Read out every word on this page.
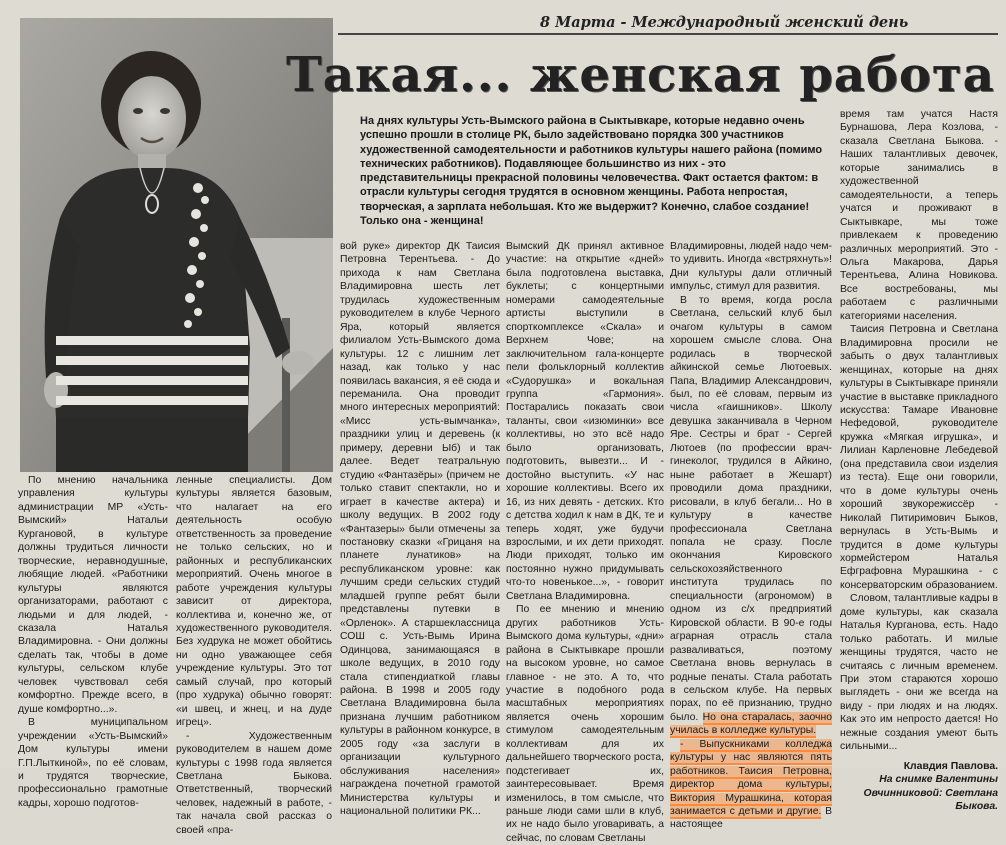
8 Марта - Международный женский день
Такая... женская работа

На днях культуры Усть-Вымского района в Сыктывкаре, которые недавно очень успешно прошли в столице РК, было задействовано порядка 300 участников художественной самодеятельности и работников культуры нашего района (помимо технических работников). Подавляющее большинство из них - это представительницы прекрасной половины человечества. Факт остается фактом: в отрасли культуры сегодня трудятся в основном женщины. Работа непростая, творческая, а зарплата небольшая. Кто же выдержит? Конечно, слабое создание! Только она - женщина!

По мнению начальника управления культуры администрации МР «Усть-Вымский» Натальи Кургановой, в культуре должны трудиться личности творческие, неравнодушные, любящие людей. «Работники культуры являются организаторами, работают с людьми и для людей, - сказала Наталья Владимировна. - Они должны сделать так, чтобы в доме культуры, сельском клубе человек чувствовал себя комфортно. Прежде всего, в душе комфортно...».

В муниципальном учреждении «Усть-Вымский» Дом культуры имени Г.П.Лыткиной», по её словам, и трудятся творческие, профессионально грамотные кадры, хорошо подготов-

ленные специалисты. Дом культуры является базовым, что налагает на его деятельность особую ответственность за проведение не только сельских, но и районных и республиканских мероприятий. Очень многое в работе учреждения культуры зависит от директора, коллектива и, конечно же, от художественного руководителя. Без худрука не может обойтись ни одно уважающее себя учреждение культуры. Это тот самый случай, про который (про худрука) обычно говорят: «и швец, и жнец, и на дуде игрец».

- Художественным руководителем в нашем доме культуры с 1998 года является Светлана Быкова. Ответственный, творческий человек, надежный в работе, - так начала свой рассказ о своей «пра-

вой руке» директор ДК Таисия Петровна Терентьева. - До прихода к нам Светлана Владимировна шесть лет трудилась художественным руководителем в клубе Черного Яра, который является филиалом Усть-Вымского дома культуры. 12 с лишним лет назад, как только у нас появилась вакансия, я её сюда и переманила. Она проводит много интересных мероприятий: «Мисс усть-вымчанка», праздники улиц и деревень (к примеру, деревни Ыб) и так далее. Ведет театральную студию «Фантазёры» (причем не только ставит спектакли, но и играет в качестве актера) и школу ведущих. В 2002 году «Фантазеры» были отмечены за постановку сказки «Грицаня на планете лунатиков» на республиканском уровне: как лучшим среди сельских студий младшей группе ребят были представлены путевки в «Орленок». А старшеклассница СОШ с. Усть-Вымь Ирина Одинцова, занимающаяся в школе ведущих, в 2010 году стала стипендиаткой главы района. В 1998 и 2005 году Светлана Владимировна была признана лучшим работником культуры в районном конкурсе, в 2005 году «за заслуги в организации культурного обслуживания населения» награждена почетной грамотой Министерства культуры и национальной политики РК...

Вымский ДК принял активное участие: на открытие «дней» была подготовлена выставка, буклеты; с концертными номерами самодеятельные артисты выступили в спорткомплексе «Скала» и Верхнем Чове; на заключительном гала-концерте пели фольклорный коллектив «Судорушка» и вокальная группа «Гармония». Постарались показать свои таланты, свои «изюминки» все коллективы, но это всё надо было организовать, подготовить, вывезти... И - достойно выступить. «У нас хорошие коллективы. Всего их 16, из них девять - детских. Кто с детства ходил к нам в ДК, те и теперь ходят, уже будучи взрослыми, и их дети приходят. Люди приходят, только им постоянно нужно придумывать что-то новенькое...», - говорит Светлана Владимировна.

По ее мнению и мнению других работников Усть-Вымского дома культуры, «дни» района в Сыктывкаре прошли на высоком уровне, но самое главное - не это. А то, что участие в подобного рода масштабных мероприятиях является очень хорошим стимулом самодеятельным коллективам для их дальнейшего творческого роста, подстегивает их, заинтересовывает. Время изменилось, в том смысле, что раньше люди сами шли в клуб, их не надо было уговаривать, а сейчас, по словам Светланы

Владимировны, людей надо чем-то удивить. Иногда «встряхнуть»! Дни культуры дали отличный импульс, стимул для развития.

В то время, когда росла Светлана, сельский клуб был очагом культуры в самом хорошем смысле слова. Она родилась в творческой айкинской семье Лютоевых. Папа, Владимир Александрович, был, по её словам, первым из числа «гаишников». Школу девушка заканчивала в Черном Яре. Сестры и брат - Сергей Лютоев (по профессии врач-гинеколог, трудился в Айкино, ныне работает в Жешарт) проводили дома праздники, рисовали, в клуб бегали... Но в культуру в качестве профессионала Светлана попала не сразу. После окончания Кировского сельскохозяйственного института трудилась по специальности (агрономом) в одном из с/х предприятий Кировской области. В 90-е годы аграрная отрасль стала разваливаться, поэтому Светлана вновь вернулась в родные пенаты. Стала работать в сельском клубе. На первых порах, по её признанию, трудно было. Но она старалась, заочно училась в колледже культуры.

- Выпускниками колледжа культуры у нас являются пять работников. Таисия Петровна, директор дома культуры, Виктория Мурашкина, которая занимается с детьми и другие. В настоящее

время там учатся Настя Бурнашова, Лера Козлова, - сказала Светлана Быкова. - Наших талантливых девочек, которые занимались в художественной самодеятельности, а теперь учатся и проживают в Сыктывкаре, мы тоже привлекаем к проведению различных мероприятий. Это - Ольга Макарова, Дарья Терентьева, Алина Новикова. Все востребованы, мы работаем с различными категориями населения.

Таисия Петровна и Светлана Владимировна просили не забыть о двух талантливых женщинах, которые на днях культуры в Сыктывкаре приняли участие в выставке прикладного искусства: Тамаре Ивановне Нефедовой, руководителе кружка «Мягкая игрушка», и Лилиан Карленовне Лебедевой (она представила свои изделия из теста). Еще они говорили, что в доме культуры очень хороший звукорежиссёр - Николай Питиримович Быков, вернулась в Усть-Вымь и трудится в доме культуры хормейстером Наталья Ефграфовна Мурашкина - с консерваторским образованием.

Словом, талантливые кадры в доме культуры, как сказала Наталья Курганова, есть. Надо только работать. И милые женщины трудятся, часто не считаясь с личным временем. При этом стараются хорошо выглядеть - они же всегда на виду - при людях и на людях. Как это им непросто дается! Но нежные создания умеют быть сильными...

Клавдия Павлова.

На снимке Валентины Овчинниковой: Светлана Быкова.
